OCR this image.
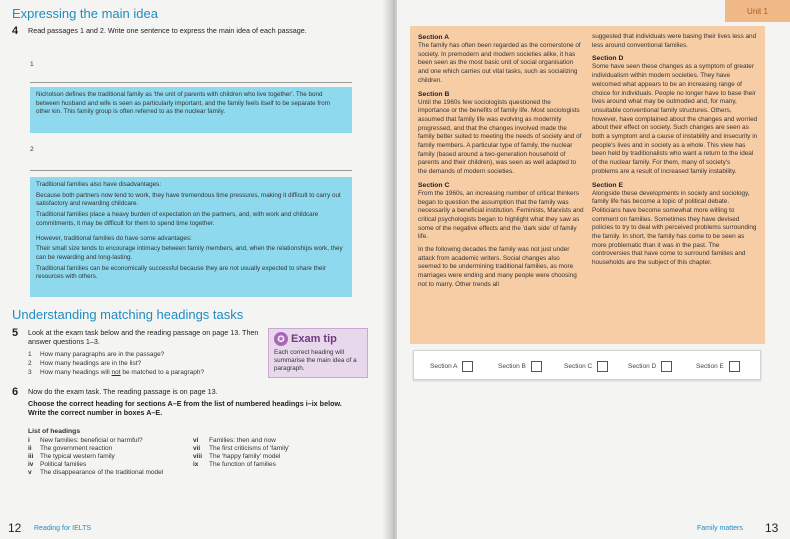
Expressing the main idea
4 Read passages 1 and 2. Write one sentence to express the main idea of each passage.
1

Nicholson defines the traditional family as 'the unit of parents with children who live together'. The bond between husband and wife is seen as particularly important, and the family feels itself to be separate from other kin. This family group is often referred to as the nuclear family.

2

Traditional families also have disadvantages:

Because both partners now tend to work, they have tremendous time pressures, making it difficult to carry out satisfactory and rewarding childcare.

Traditional families place a heavy burden of expectation on the partners, and, with work and childcare commitments, it may be difficult for them to spend time together.

However, traditional families do have some advantages:

Their small size tends to encourage intimacy between family members, and, when the relationships work, they can be rewarding and long-lasting.

Traditional families can be economically successful because they are not usually expected to share their resources with others.

Understanding matching headings tasks
5 Look at the exam task below and the reading passage on page 13. Then answer questions 1–3.
1 How many paragraphs are in the passage?
2 How many headings are in the list?
3 How many headings will not be matched to a paragraph?
✪ Exam tip
Each correct heading will summarise the main idea of a paragraph.
6 Now do the exam task. The reading passage is on page 13.
Choose the correct heading for sections A–E from the list of numbered headings i–ix below. Write the correct number in boxes A–E.
List of headings
i New families: beneficial or harmful?
ii The government reaction
iii The typical western family
iv Political families
v The disappearance of the traditional model
vi Families: then and now
vii The first criticisms of 'family'
viii The 'happy family' model
ix The function of families
12 Reading for IELTS
Section A

The family has often been regarded as the cornerstone of society. In premodern and modern societies alike, it has been seen as the most basic unit of social organisation and one which carries out vital tasks, such as socializing children.

Section B

Until the 1960s few sociologists questioned the importance or the benefits of family life. Most sociologists assumed that family life was evolving as modernity progressed, and that the changes involved made the family better suited to meeting the needs of society and of family members. A particular type of family, the nuclear family (based around a two-generation household of parents and their children), was seen as well adapted to the demands of modern societies.

Section C

From the 1960s, an increasing number of critical thinkers began to question the assumption that the family was necessarily a beneficial institution. Feminists, Marxists and critical psychologists began to highlight what they saw as some of the negative effects and the 'dark side' of family life.

In the following decades the family was not just under attack from academic writers. Social changes also seemed to be undermining traditional families, as more marriages were ending and many people were choosing not to marry. Other trends all

suggested that individuals were basing their lives less and less around conventional families.

Section D

Some have seen these changes as a symptom of greater individualism within modern societies. They have welcomed what appears to be an increasing range of choice for individuals. People no longer have to base their lives around what may be outmoded and, for many, unsuitable conventional family structures. Others, however, have complained about the changes and worried about their effect on society. Such changes are seen as both a symptom and a cause of instability and insecurity in people's lives and in society as a whole. This view has been held by traditionalists who want a return to the ideal of the nuclear family. For them, many of society's problems are a result of increased family instability.

Section E

Alongside these developments in society and sociology, family life has become a topic of political debate. Politicians have become somewhat more willing to comment on families. Sometimes they have devised policies to try to deal with perceived problems surrounding the family. In short, the family has come to be seen as more problematic than it was in the past. The controversies that have come to surround families and households are the subject of this chapter.

Unit 1
Section A	Section B	Section C	Section D	Section E
Family matters 13
